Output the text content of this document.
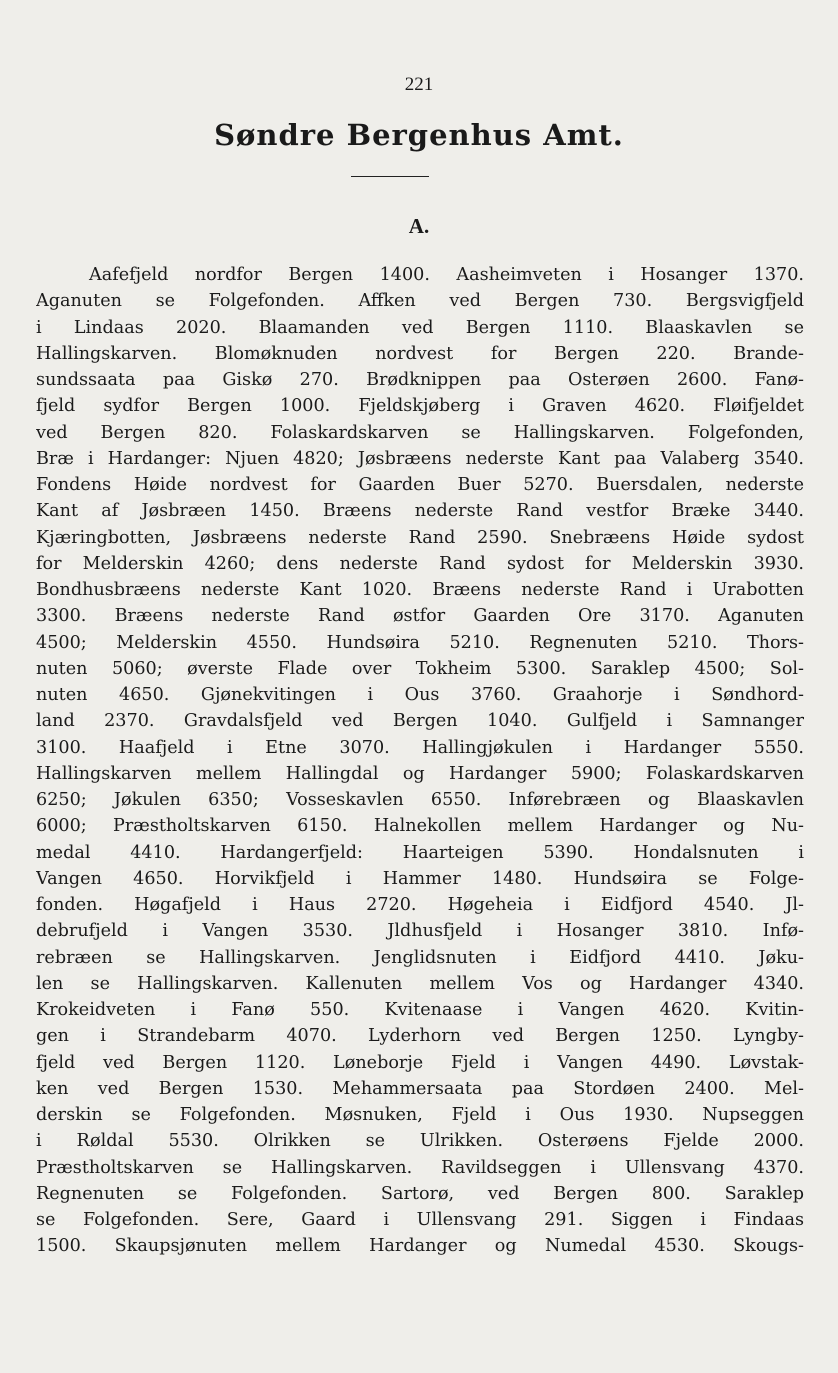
221
Søndre Bergenhus Amt.
A.
Aafefjeld nordfor Bergen 1400. Aasheimveten i Hosanger 1370.
Aganuten se Folgefonden. Affken ved Bergen 730. Bergsvigfjeld
i Lindaas 2020. Blaamanden ved Bergen 1110. Blaaskavlen se
Hallingskarven. Blomøknuden nordvest for Bergen 220. Brande-
sundssaata paa Giskø 270. Brødknippen paa Osterøen 2600. Fanø-
fjeld sydfor Bergen 1000. Fjeldskjøberg i Graven 4620. Fløifjeldet
ved Bergen 820. Folaskardskarven se Hallingskarven. Folgefonden,
Bræ i Hardanger: Njuen 4820; Jøsbræens nederste Kant paa Valaberg 3540.
Fondens Høide nordvest for Gaarden Buer 5270. Buersdalen, nederste
Kant af Jøsbræen 1450. Bræens nederste Rand vestfor Bræke 3440.
Kjæringbotten, Jøsbræens nederste Rand 2590. Snebræens Høide sydost
for Melderskin 4260; dens nederste Rand sydost for Melderskin 3930.
Bondhusbræens nederste Kant 1020. Bræens nederste Rand i Urabotten
3300. Bræens nederste Rand østfor Gaarden Ore 3170. Aganuten
4500; Melderskin 4550. Hundsøira 5210. Regnenuten 5210. Thors-
nuten 5060; øverste Flade over Tokheim 5300. Saraklep 4500; Sol-
nuten 4650. Gjønekvitingen i Ous 3760. Graahorje i Søndhord-
land 2370. Gravdalsfjeld ved Bergen 1040. Gulfjeld i Samnanger
3100. Haafjeld i Etne 3070. Hallingjøkulen i Hardanger 5550.
Hallingskarven mellem Hallingdal og Hardanger 5900; Folaskardskarven
6250; Jøkulen 6350; Vosseskavlen 6550. Inførebræen og Blaaskavlen
6000; Præstholtskarven 6150. Halnekollen mellem Hardanger og Nu-
medal 4410. Hardangerfjeld: Haarteigen 5390. Hondalsnuten i
Vangen 4650. Horvikfjeld i Hammer 1480. Hundsøira se Folge-
fonden. Høgafjeld i Haus 2720. Høgeheia i Eidfjord 4540. Jl-
debrufjeld i Vangen 3530. Jldhusfjeld i Hosanger 3810. Infø-
rebræen se Hallingskarven. Jenglidsnuten i Eidfjord 4410. Jøku-
len se Hallingskarven. Kallenuten mellem Vos og Hardanger 4340.
Krokeidveten i Fanø 550. Kvitenaase i Vangen 4620. Kvitin-
gen i Strandebarm 4070. Lyderhorn ved Bergen 1250. Lyngby-
fjeld ved Bergen 1120. Løneborje Fjeld i Vangen 4490. Løvstak-
ken ved Bergen 1530. Mehammersaata paa Stordøen 2400. Mel-
derskin se Folgefonden. Møsnuken, Fjeld i Ous 1930. Nupseggen
i Røldal 5530. Olrikken se Ulrikken. Osterøens Fjelde 2000.
Præstholtskarven se Hallingskarven. Ravildseggen i Ullensvang 4370.
Regnenuten se Folgefonden. Sartorø, ved Bergen 800. Saraklep
se Folgefonden. Sere, Gaard i Ullensvang 291. Siggen i Findaas
1500. Skaupsjønuten mellem Hardanger og Numedal 4530. Skougs-
